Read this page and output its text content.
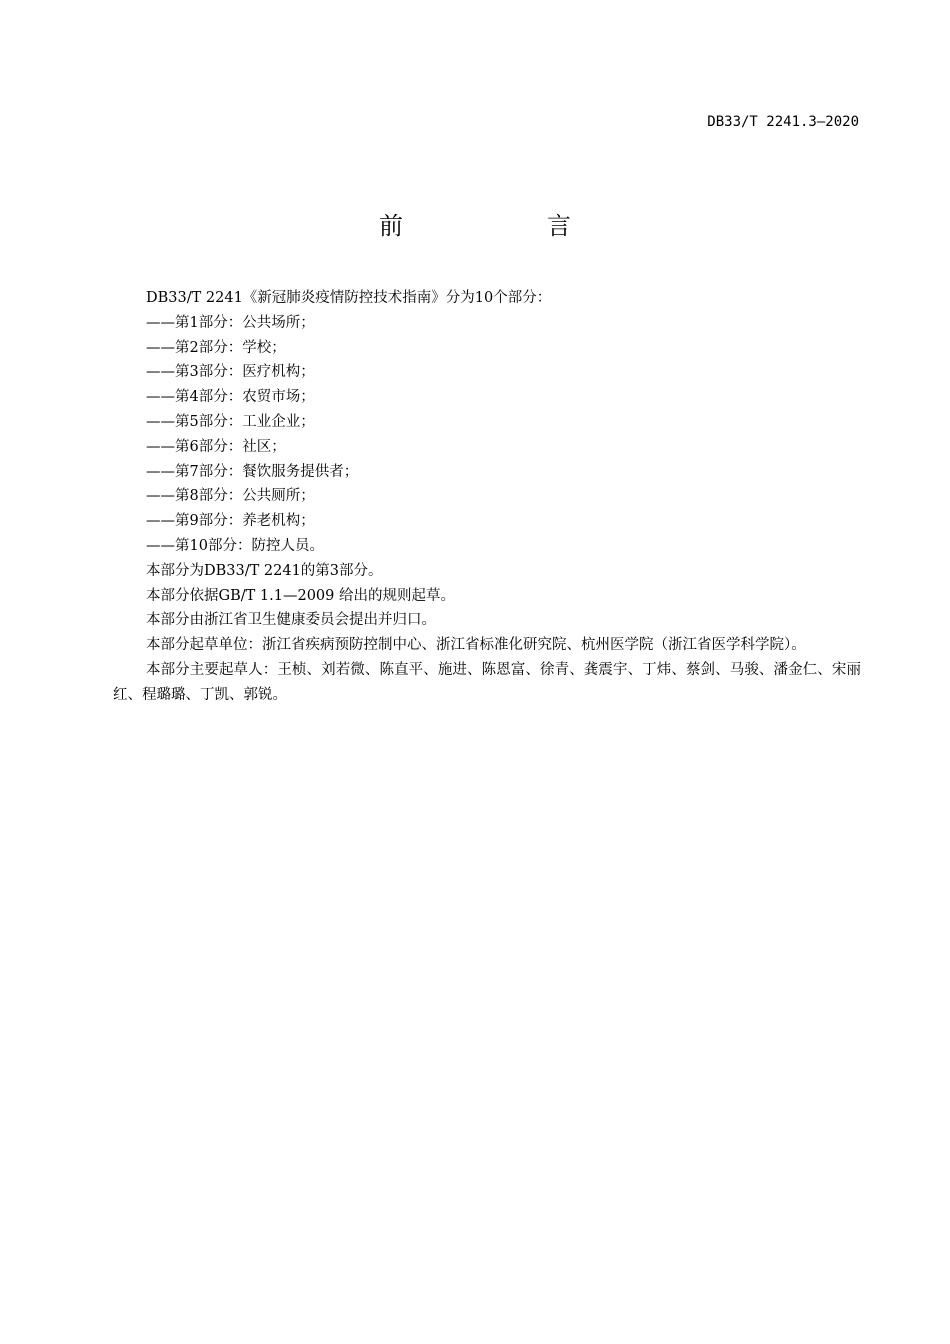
DB33/T 2241.3—2020
前　言

DB33/T 2241《新冠肺炎疫情防控技术指南》分为10个部分：

——第1部分：公共场所；

——第2部分：学校；

——第3部分：医疗机构；

——第4部分：农贸市场；

——第5部分：工业企业；

——第6部分：社区；

——第7部分：餐饮服务提供者；

——第8部分：公共厕所；

——第9部分：养老机构；

——第10部分：防控人员。

本部分为DB33/T 2241的第3部分。

本部分依据GB/T 1.1—2009 给出的规则起草。

本部分由浙江省卫生健康委员会提出并归口。

本部分起草单位：浙江省疾病预防控制中心、浙江省标准化研究院、杭州医学院（浙江省医学科学院）。

本部分主要起草人：王桢、刘若微、陈直平、施进、陈恩富、徐青、龚震宇、丁炜、蔡剑、马骏、潘金仁、宋丽红、程璐璐、丁凯、郭锐。
